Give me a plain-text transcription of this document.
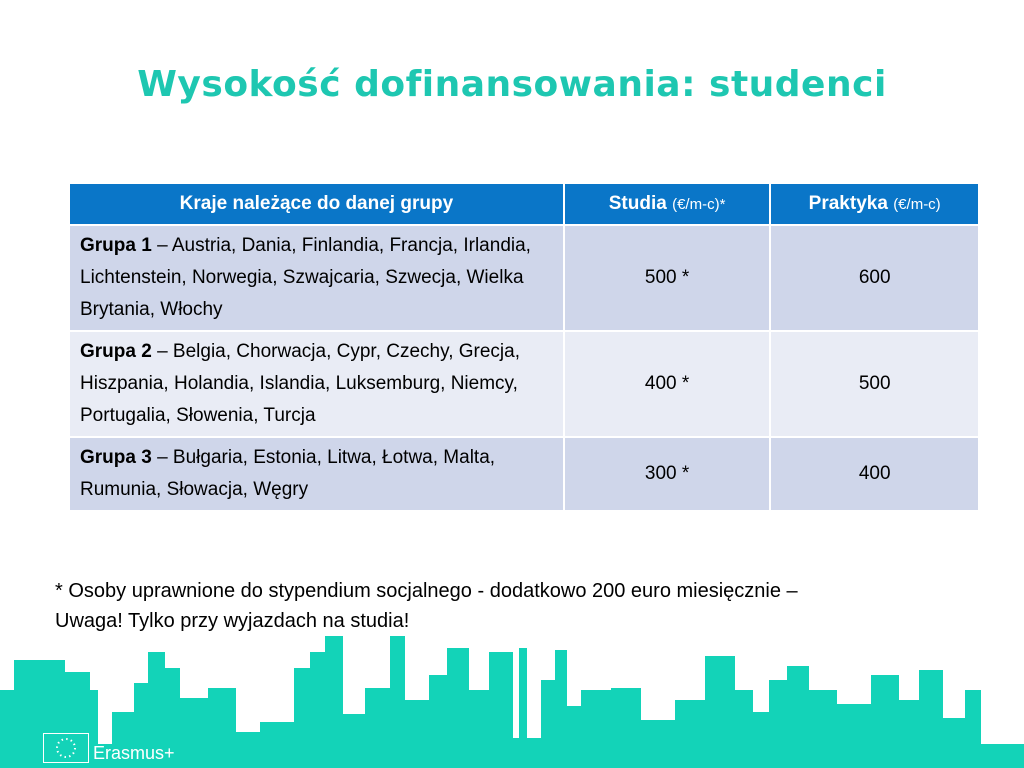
Wysokość dofinansowania: studenci
Kraje należące do danej grupy	Studia (€/m-c)*	Praktyka (€/m-c)
Grupa 1 – Austria, Dania, Finlandia, Francja, Irlandia, Lichtenstein, Norwegia, Szwajcaria, Szwecja, Wielka Brytania, Włochy	500 *	600
Grupa 2 – Belgia, Chorwacja, Cypr, Czechy, Grecja, Hiszpania, Holandia, Islandia, Luksemburg, Niemcy, Portugalia, Słowenia, Turcja	400 *	500
Grupa 3 – Bułgaria, Estonia, Litwa, Łotwa, Malta, Rumunia, Słowacja, Węgry	300 *	400
* Osoby uprawnione do stypendium socjalnego - dodatkowo 200 euro miesięcznie –
Uwaga! Tylko przy wyjazdach na studia!
Erasmus+
